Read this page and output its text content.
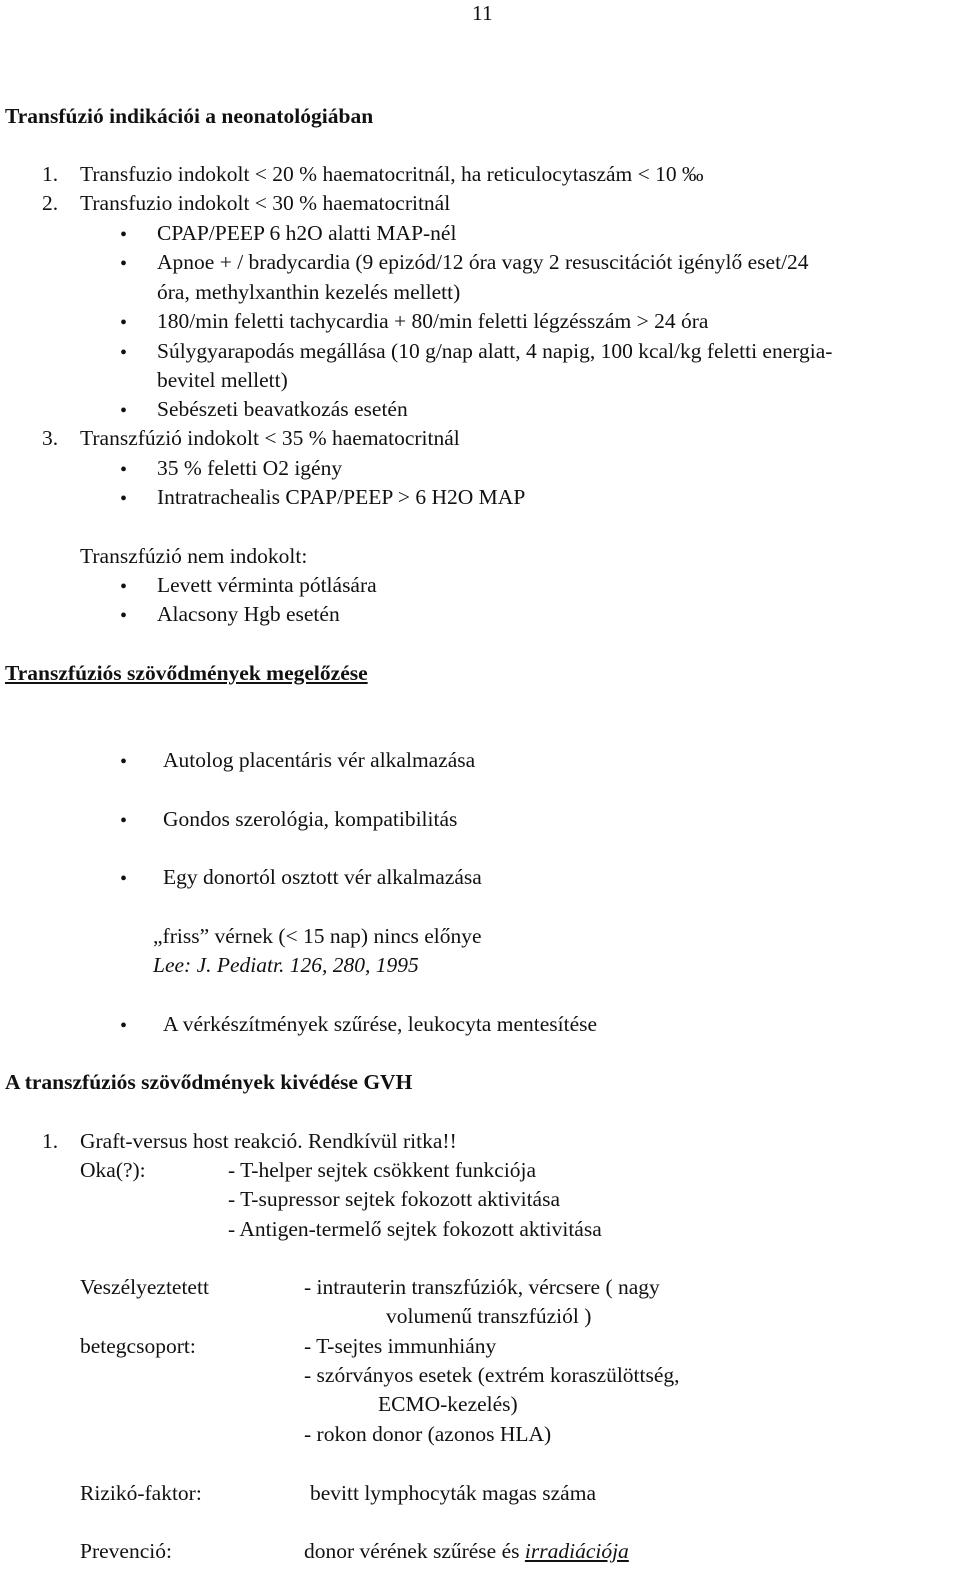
11
Transfúzió indikációi a neonatológiában
1. Transfuzio indokolt < 20 % haematocritnál, ha reticulocytaszám < 10 ‰
2. Transfuzio indokolt < 30 % haematocritnál
• CPAP/PEEP 6 h2O alatti MAP-nél
• Apnoe + / bradycardia (9 epizód/12 óra vagy 2 resuscitációt igénylő eset/24
óra, methylxanthin kezelés mellett)
• 180/min feletti tachycardia + 80/min feletti légzésszám > 24 óra
• Súlygyarapodás megállása (10 g/nap alatt, 4 napig, 100 kcal/kg feletti energia-
bevitel mellett)
• Sebészeti beavatkozás esetén
3. Transzfúzió indokolt < 35 % haematocritnál
• 35 % feletti O2 igény
• Intratrachealis CPAP/PEEP > 6 H2O MAP
Transzfúzió nem indokolt:
• Levett vérminta pótlására
• Alacsony Hgb esetén
Transzfúziós szövődmények megelőzése
• Autolog placentáris vér alkalmazása
• Gondos szerológia, kompatibilitás
• Egy donortól osztott vér alkalmazása
„friss” vérnek (< 15 nap) nincs előnye
Lee: J. Pediatr. 126, 280, 1995
• A vérkészítmények szűrése, leukocyta mentesítése
A transzfúziós szövődmények kivédése GVH
1. Graft-versus host reakció. Rendkívül ritka!!
Oka(?):	- T-helper sejtek csökkent funkciója
- T-supressor sejtek fokozott aktivitása
- Antigen-termelő sejtek fokozott aktivitása
Veszélyeztetett	- intrauterin transzfúziók, vércsere ( nagy
volumenű transzfúziól )
betegcsoport:	- T-sejtes immunhiány
- szórványos esetek (extrém koraszülöttség,
ECMO-kezelés)
- rokon donor (azonos HLA)
Rizikó-faktor:	bevitt lymphocyták magas száma
Prevenció:	donor vérének szűrése és irradiációja
